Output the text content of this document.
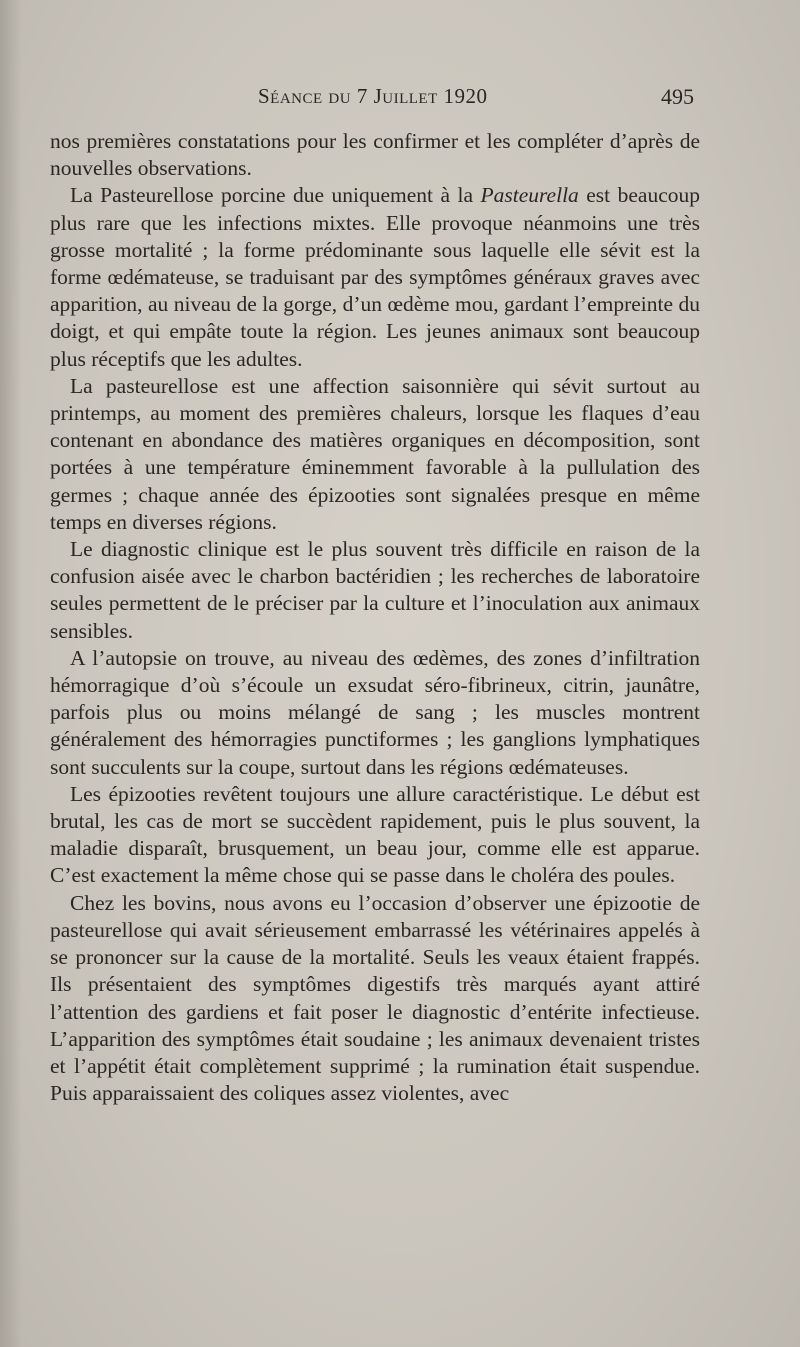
Séance du 7 Juillet 1920	495

nos premières constatations pour les confirmer et les compléter d’après de nouvelles observations.

La Pasteurellose porcine due uniquement à la Pasteurella est beaucoup plus rare que les infections mixtes. Elle provoque néanmoins une très grosse mortalité ; la forme prédominante sous laquelle elle sévit est la forme œdémateuse, se traduisant par des symptômes généraux graves avec apparition, au niveau de la gorge, d’un œdème mou, gardant l’empreinte du doigt, et qui empâte toute la région. Les jeunes animaux sont beaucoup plus réceptifs que les adultes.

La pasteurellose est une affection saisonnière qui sévit surtout au printemps, au moment des premières chaleurs, lorsque les flaques d’eau contenant en abondance des matières organiques en décomposition, sont portées à une température éminemment favorable à la pullulation des germes ; chaque année des épizooties sont signalées presque en même temps en diverses régions.

Le diagnostic clinique est le plus souvent très difficile en raison de la confusion aisée avec le charbon bactéridien ; les recherches de laboratoire seules permettent de le préciser par la culture et l’inoculation aux animaux sensibles.

A l’autopsie on trouve, au niveau des œdèmes, des zones d’infiltration hémorragique d’où s’écoule un exsudat séro-fibrineux, citrin, jaunâtre, parfois plus ou moins mélangé de sang ; les muscles montrent généralement des hémorragies punctiformes ; les ganglions lymphatiques sont succulents sur la coupe, surtout dans les régions œdémateuses.

Les épizooties revêtent toujours une allure caractéristique. Le début est brutal, les cas de mort se succèdent rapidement, puis le plus souvent, la maladie disparaît, brusquement, un beau jour, comme elle est apparue. C’est exactement la même chose qui se passe dans le choléra des poules.

Chez les bovins, nous avons eu l’occasion d’observer une épizootie de pasteurellose qui avait sérieusement embarrassé les vétérinaires appelés à se prononcer sur la cause de la mortalité. Seuls les veaux étaient frappés. Ils présentaient des symptômes digestifs très marqués ayant attiré l’attention des gardiens et fait poser le diagnostic d’entérite infectieuse. L’apparition des symptômes était soudaine ; les animaux devenaient tristes et l’appétit était complètement supprimé ; la rumination était suspendue. Puis apparaissaient des coliques assez violentes, avec
